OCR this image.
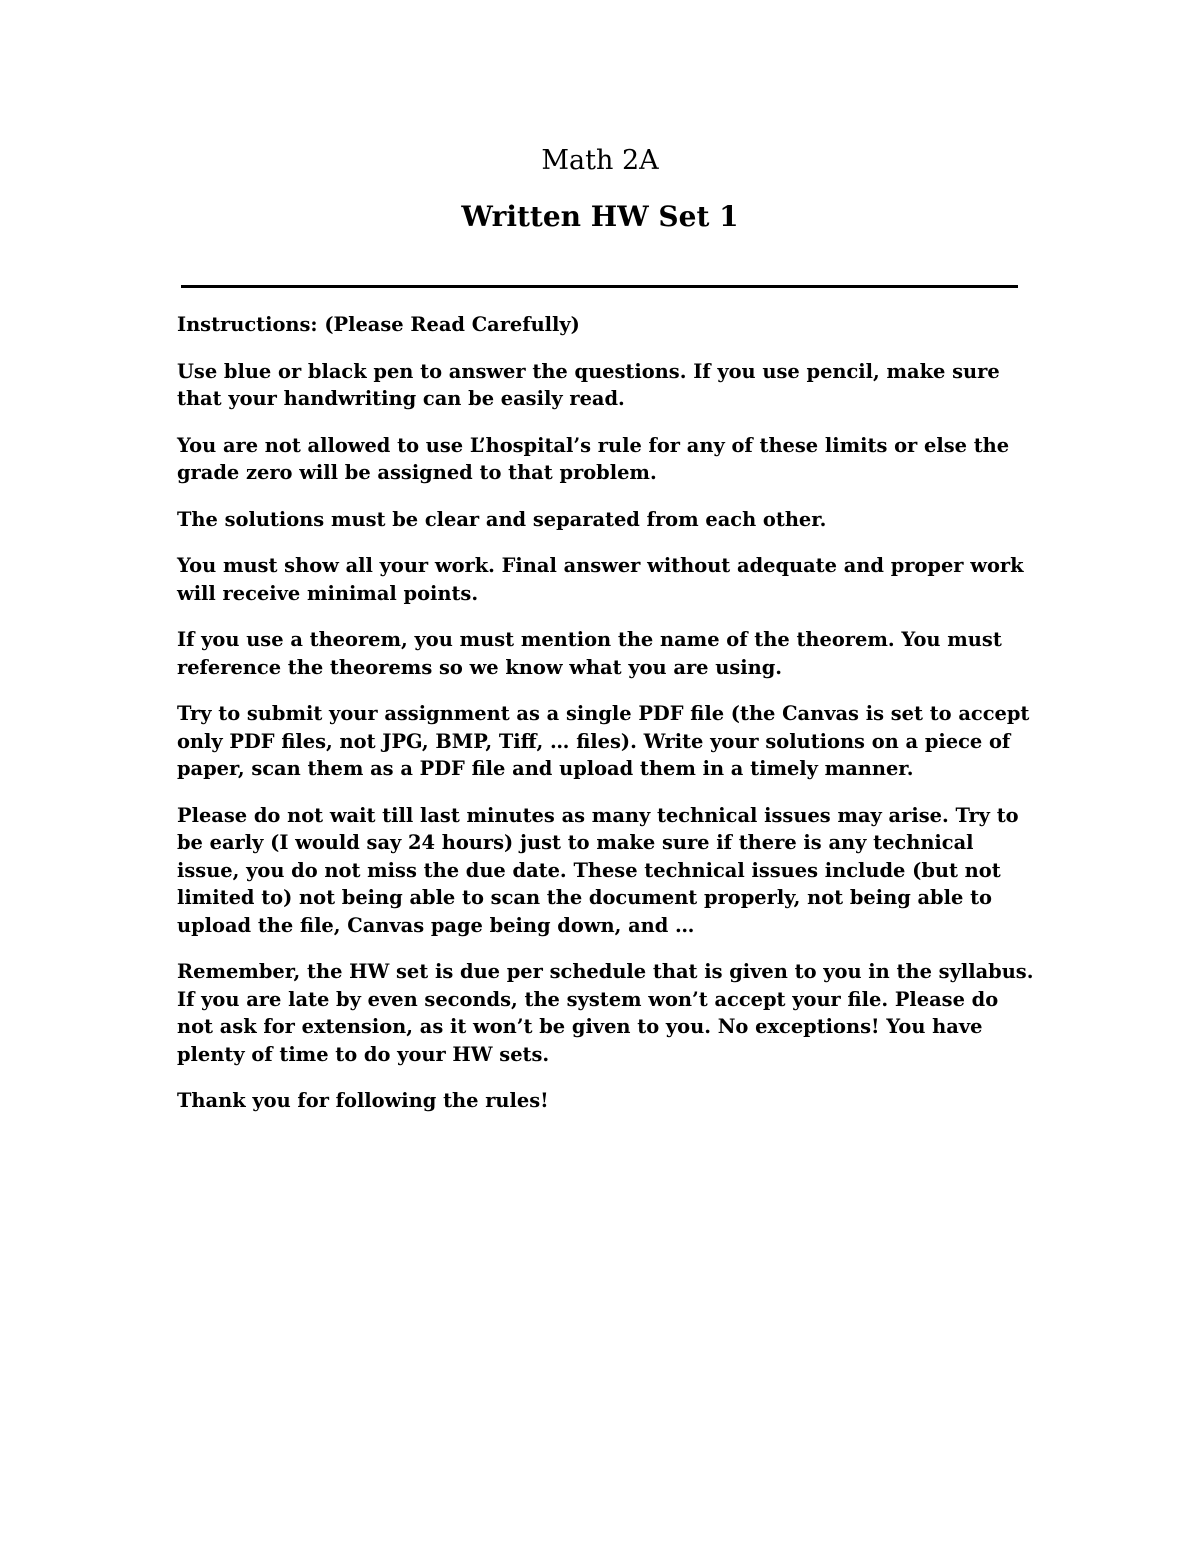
Math 2A
Written HW Set 1

Instructions: (Please Read Carefully)

Use blue or black pen to answer the questions. If you use pencil, make sure that your handwriting can be easily read.

You are not allowed to use L’hospital’s rule for any of these limits or else the grade zero will be assigned to that problem.

The solutions must be clear and separated from each other.

You must show all your work. Final answer without adequate and proper work will receive minimal points.

If you use a theorem, you must mention the name of the theorem. You must reference the theorems so we know what you are using.

Try to submit your assignment as a single PDF file (the Canvas is set to accept only PDF files, not JPG, BMP, Tiff, … files). Write your solutions on a piece of paper, scan them as a PDF file and upload them in a timely manner.

Please do not wait till last minutes as many technical issues may arise. Try to be early (I would say 24 hours) just to make sure if there is any technical issue, you do not miss the due date. These technical issues include (but not limited to) not being able to scan the document properly, not being able to upload the file, Canvas page being down, and …

Remember, the HW set is due per schedule that is given to you in the syllabus. If you are late by even seconds, the system won’t accept your file. Please do not ask for extension, as it won’t be given to you. No exceptions! You have plenty of time to do your HW sets.

Thank you for following the rules!
